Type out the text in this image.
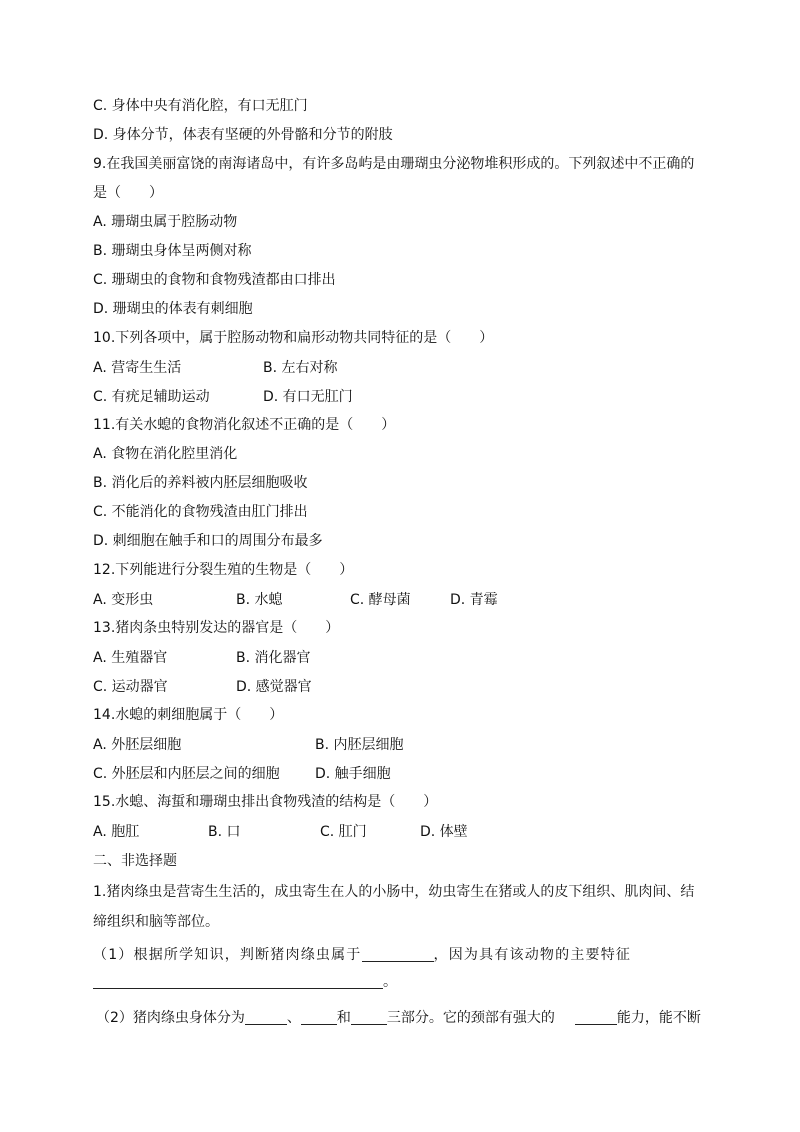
C. 身体中央有消化腔，有口无肛门
D. 身体分节，体表有坚硬的外骨骼和分节的附肢
9.在我国美丽富饶的南海诸岛中，有许多岛屿是由珊瑚虫分泌物堆积形成的。下列叙述中不正确的
是（　　）
A. 珊瑚虫属于腔肠动物
B. 珊瑚虫身体呈两侧对称
C. 珊瑚虫的食物和食物残渣都由口排出
D. 珊瑚虫的体表有刺细胞
10.下列各项中，属于腔肠动物和扁形动物共同特征的是（　　）
A. 营寄生生活	B. 左右对称
C. 有疣足辅助运动	D. 有口无肛门
11.有关水螅的食物消化叙述不正确的是（　　）
A. 食物在消化腔里消化
B. 消化后的养料被内胚层细胞吸收
C. 不能消化的食物残渣由肛门排出
D. 刺细胞在触手和口的周围分布最多
12.下列能进行分裂生殖的生物是（　　）
A. 变形虫	B. 水螅	C. 酵母菌	D. 青霉
13.猪肉条虫特别发达的器官是（　　）
A. 生殖器官	B. 消化器官
C. 运动器官	D. 感觉器官
14.水螅的刺细胞属于（　　）
A. 外胚层细胞	B. 内胚层细胞
C. 外胚层和内胚层之间的细胞	D. 触手细胞
15.水螅、海蜇和珊瑚虫排出食物残渣的结构是（　　）
A. 胞肛	B. 口	C. 肛门	D. 体壁
二、非选择题
1.猪肉绦虫是营寄生生活的，成虫寄生在人的小肠中，幼虫寄生在猪或人的皮下组织、肌肉间、结
缔组织和脑等部位。
（1）根据所学知识，判断猪肉绦虫属于	，因为具有该动物的主要特征
。
（2）猪肉绦虫身体分为	、	和	三部分。它的颈部有强大的	能力，能不断
